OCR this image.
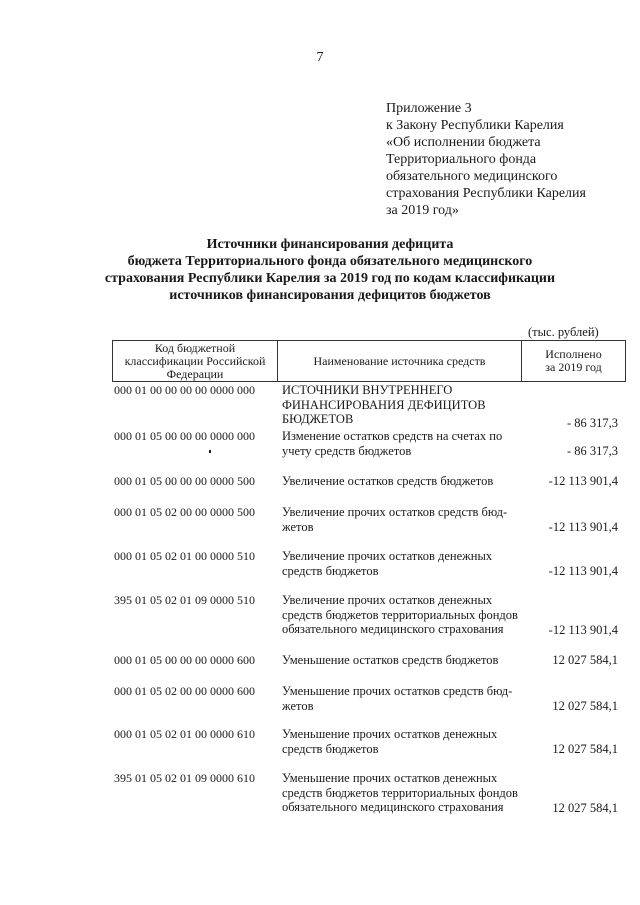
7
Приложение 3
к Закону Республики Карелия
«Об исполнении бюджета
Территориального фонда
обязательного медицинского
страхования Республики Карелия
за 2019 год»
Источники финансирования дефицита
бюджета Территориального фонда обязательного медицинского
страхования Республики Карелия за 2019 год по кодам классификации
источников финансирования дефицитов бюджетов
(тыс. рублей)
Код бюджетной
классификации Российской
Федерации
Наименование источника средств	Исполнено
за 2019 год
000 01 00 00 00 00 0000 000	ИСТОЧНИКИ ВНУТРЕННЕГО
ФИНАНСИРОВАНИЯ ДЕФИЦИТОВ
БЮДЖЕТОВ	- 86 317,3
000 01 05 00 00 00 0000 000	Изменение остатков средств на счетах по
учету средств бюджетов	- 86 317,3
000 01 05 00 00 00 0000 500	Увеличение остатков средств бюджетов	-12 113 901,4
000 01 05 02 00 00 0000 500	Увеличение прочих остатков средств бюд-
жетов	-12 113 901,4
000 01 05 02 01 00 0000 510	Увеличение прочих остатков денежных
средств бюджетов	-12 113 901,4
395 01 05 02 01 09 0000 510	Увеличение прочих остатков денежных
средств бюджетов территориальных фондов
обязательного медицинского страхования	-12 113 901,4
000 01 05 00 00 00 0000 600	Уменьшение остатков средств бюджетов	12 027 584,1
000 01 05 02 00 00 0000 600	Уменьшение прочих остатков средств бюд-
жетов	12 027 584,1
000 01 05 02 01 00 0000 610	Уменьшение прочих остатков денежных
средств бюджетов	12 027 584,1
395 01 05 02 01 09 0000 610	Уменьшение прочих остатков денежных
средств бюджетов территориальных фондов
обязательного медицинского страхования	12 027 584,1
